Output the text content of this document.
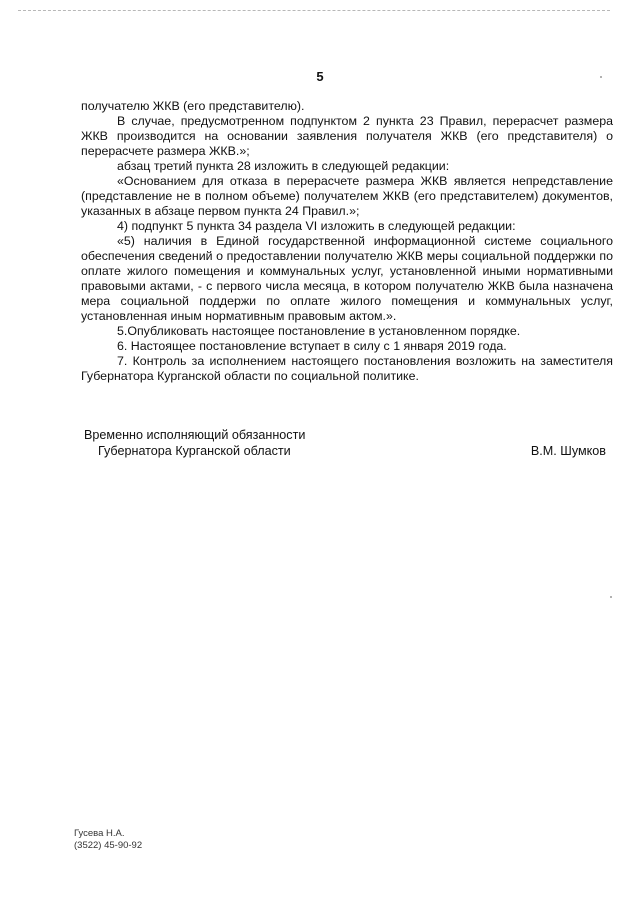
5

получателю ЖКВ (его представителю).

В случае, предусмотренном подпунктом 2 пункта 23 Правил, перерасчет размера ЖКВ производится на основании заявления получателя ЖКВ (его представителя) о перерасчете размера ЖКВ.»;

абзац третий пункта 28 изложить в следующей редакции:

«Основанием для отказа в перерасчете размера ЖКВ является непредставление (представление не в полном объеме) получателем ЖКВ (его представителем) документов, указанных в абзаце первом пункта 24 Правил.»;

4) подпункт 5 пункта 34 раздела VI изложить в следующей редакции:

«5) наличия в Единой государственной информационной системе социального обеспечения сведений о предоставлении получателю ЖКВ меры социальной поддержки по оплате жилого помещения и коммунальных услуг, установленной иными нормативными правовыми актами, - с первого числа месяца, в котором получателю ЖКВ была назначена мера социальной поддержи по оплате жилого помещения и коммунальных услуг, установленная иным нормативным правовым актом.».

5.Опубликовать настоящее постановление в установленном порядке.

6. Настоящее постановление вступает в силу с 1 января 2019 года.

7. Контроль за исполнением настоящего постановления возложить на заместителя Губернатора Курганской области по социальной политике.

Временно исполняющий обязанности
Губернатора Курганской области	В.М. Шумков
Гусева Н.А.
(3522) 45-90-92
